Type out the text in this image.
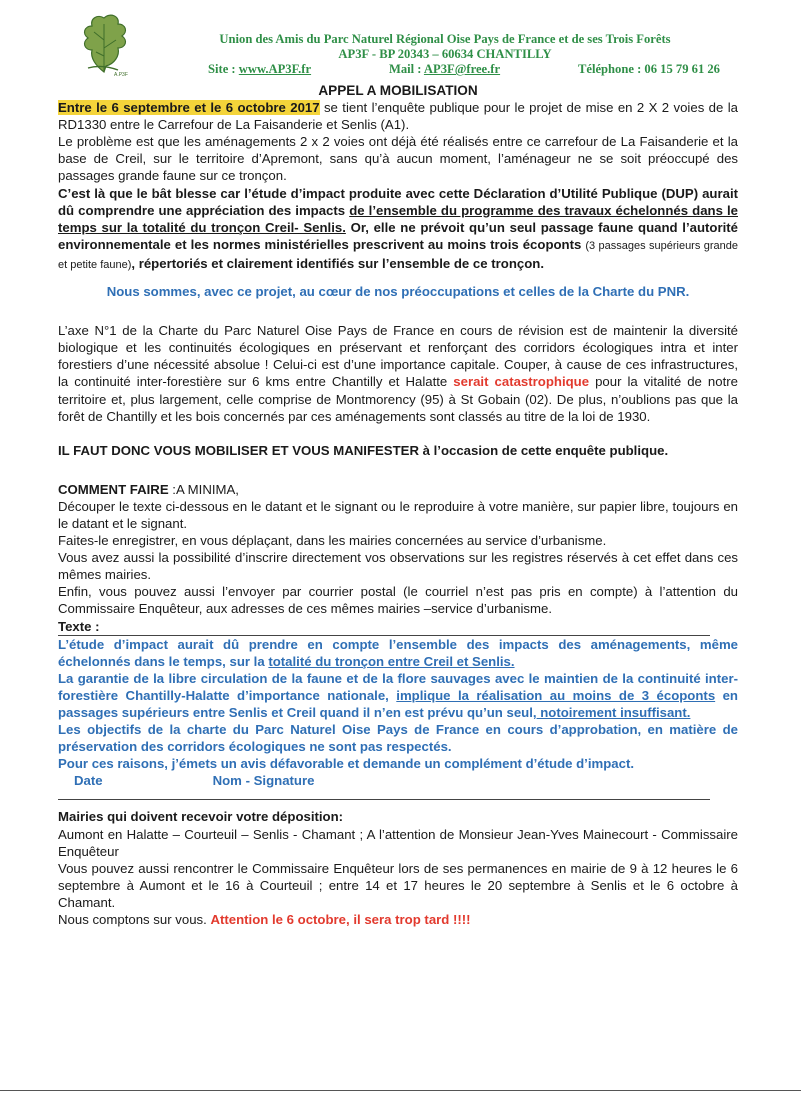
A.P3F
Union des Amis du Parc Naturel Régional Oise Pays de France et de ses Trois Forêts
AP3F - BP 20343 – 60634 CHANTILLY
Site : www.AP3F.fr	Mail : AP3F@free.fr	Téléphone : 06 15 79 61 26

APPEL A MOBILISATION

Entre le 6 septembre et le 6 octobre 2017 se tient l’enquête publique pour le projet de mise en 2 X 2 voies de la RD1330 entre le Carrefour de La Faisanderie et Senlis (A1).

Le problème est que les aménagements 2 x 2 voies ont déjà été réalisés entre ce carrefour de La Faisanderie et la base de Creil, sur le territoire d’Apremont, sans qu’à aucun moment, l’aménageur ne se soit préoccupé des passages grande faune sur ce tronçon.

C’est là que le bât blesse car l’étude d’impact produite avec cette Déclaration d’Utilité Publique (DUP) aurait dû comprendre une appréciation des impacts de l’ensemble du programme des travaux échelonnés dans le temps sur la totalité du tronçon Creil- Senlis. Or, elle ne prévoit qu’un seul passage faune quand l’autorité environnementale et les normes ministérielles prescrivent au moins trois écoponts (3 passages supérieurs grande et petite faune), répertoriés et clairement identifiés sur l’ensemble de ce tronçon.

Nous sommes, avec ce projet, au cœur de nos préoccupations et celles de la Charte du PNR.

L’axe N°1 de la Charte du Parc Naturel Oise Pays de France en cours de révision est de maintenir la diversité biologique et les continuités écologiques en préservant et renforçant des corridors écologiques intra et inter forestiers d’une nécessité absolue ! Celui-ci est d’une importance capitale. Couper, à cause de ces infrastructures, la continuité inter-forestière sur 6 kms entre Chantilly et Halatte serait catastrophique pour la vitalité de notre territoire et, plus largement, celle comprise de Montmorency (95) à St Gobain (02). De plus, n’oublions pas que la forêt de Chantilly et les bois concernés par ces aménagements sont classés au titre de la loi de 1930.

IL FAUT DONC VOUS MOBILISER ET VOUS MANIFESTER à l’occasion de cette enquête publique.

COMMENT FAIRE :A MINIMA,

Découper le texte ci-dessous en le datant et le signant ou le reproduire à votre manière, sur papier libre, toujours en le datant et le signant.

Faites-le enregistrer, en vous déplaçant, dans les mairies concernées au service d’urbanisme.

Vous avez aussi la possibilité d’inscrire directement vos observations sur les registres réservés à cet effet dans ces mêmes mairies.

Enfin, vous pouvez aussi l’envoyer par courrier postal (le courriel n’est pas pris en compte) à l’attention du Commissaire Enquêteur, aux adresses de ces mêmes mairies –service d’urbanisme.

Texte :

L’étude d’impact aurait dû prendre en compte l’ensemble des impacts des aménagements, même échelonnés dans le temps, sur la totalité du tronçon entre Creil et Senlis.

La garantie de la libre circulation de la faune et de la flore sauvages avec le maintien de la continuité inter-forestière Chantilly-Halatte d’importance nationale, implique la réalisation au moins de 3 écoponts en passages supérieurs entre Senlis et Creil quand il n’en est prévu qu’un seul, notoirement insuffisant.

Les objectifs de la charte du Parc Naturel Oise Pays de France en cours d’approbation, en matière de préservation des corridors écologiques ne sont pas respectés.

Pour ces raisons, j’émets un avis défavorable et demande un complément d’étude d’impact.

Date	Nom - Signature

Mairies qui doivent recevoir votre déposition:

Aumont en Halatte – Courteuil – Senlis - Chamant ; A l’attention de Monsieur Jean-Yves Mainecourt - Commissaire Enquêteur

Vous pouvez aussi rencontrer le Commissaire Enquêteur lors de ses permanences en mairie de 9 à 12 heures le 6 septembre à Aumont et le 16 à Courteuil ; entre 14 et 17 heures le 20 septembre à Senlis et le 6 octobre à Chamant.

Nous comptons sur vous. Attention le 6 octobre, il sera trop tard !!!!
